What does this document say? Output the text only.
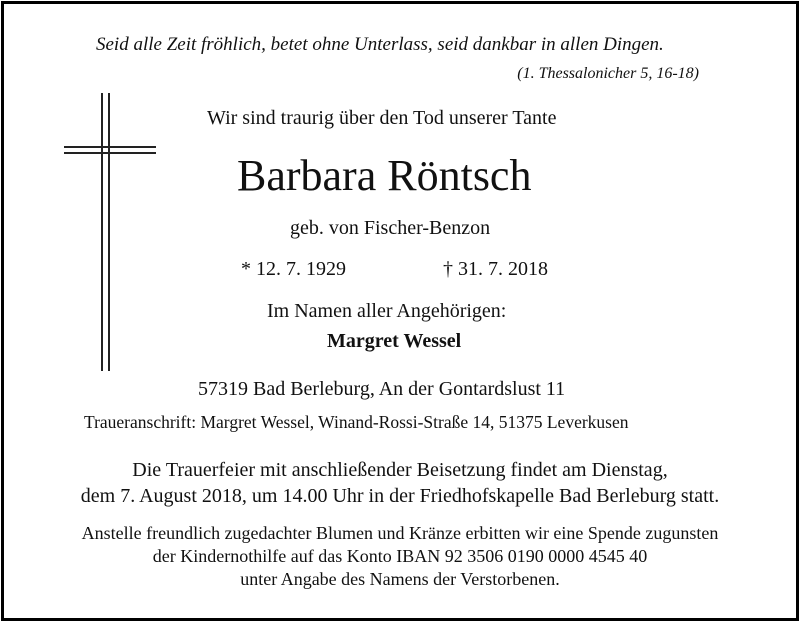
Seid alle Zeit fröhlich, betet ohne Unterlass, seid dankbar in allen Dingen.
(1. Thessalonicher 5, 16-18)
Wir sind traurig über den Tod unserer Tante
Barbara Röntsch
geb. von Fischer-Benzon
* 12. 7. 1929	† 31. 7. 2018
Im Namen aller Angehörigen:
Margret Wessel
57319 Bad Berleburg, An der Gontardslust 11
Traueranschrift: Margret Wessel, Winand-Rossi-Straße 14, 51375 Leverkusen
Die Trauerfeier mit anschließender Beisetzung findet am Dienstag,
dem 7. August 2018, um 14.00 Uhr in der Friedhofskapelle Bad Berleburg statt.
Anstelle freundlich zugedachter Blumen und Kränze erbitten wir eine Spende zugunsten
der Kindernothilfe auf das Konto IBAN 92 3506 0190 0000 4545 40
unter Angabe des Namens der Verstorbenen.
